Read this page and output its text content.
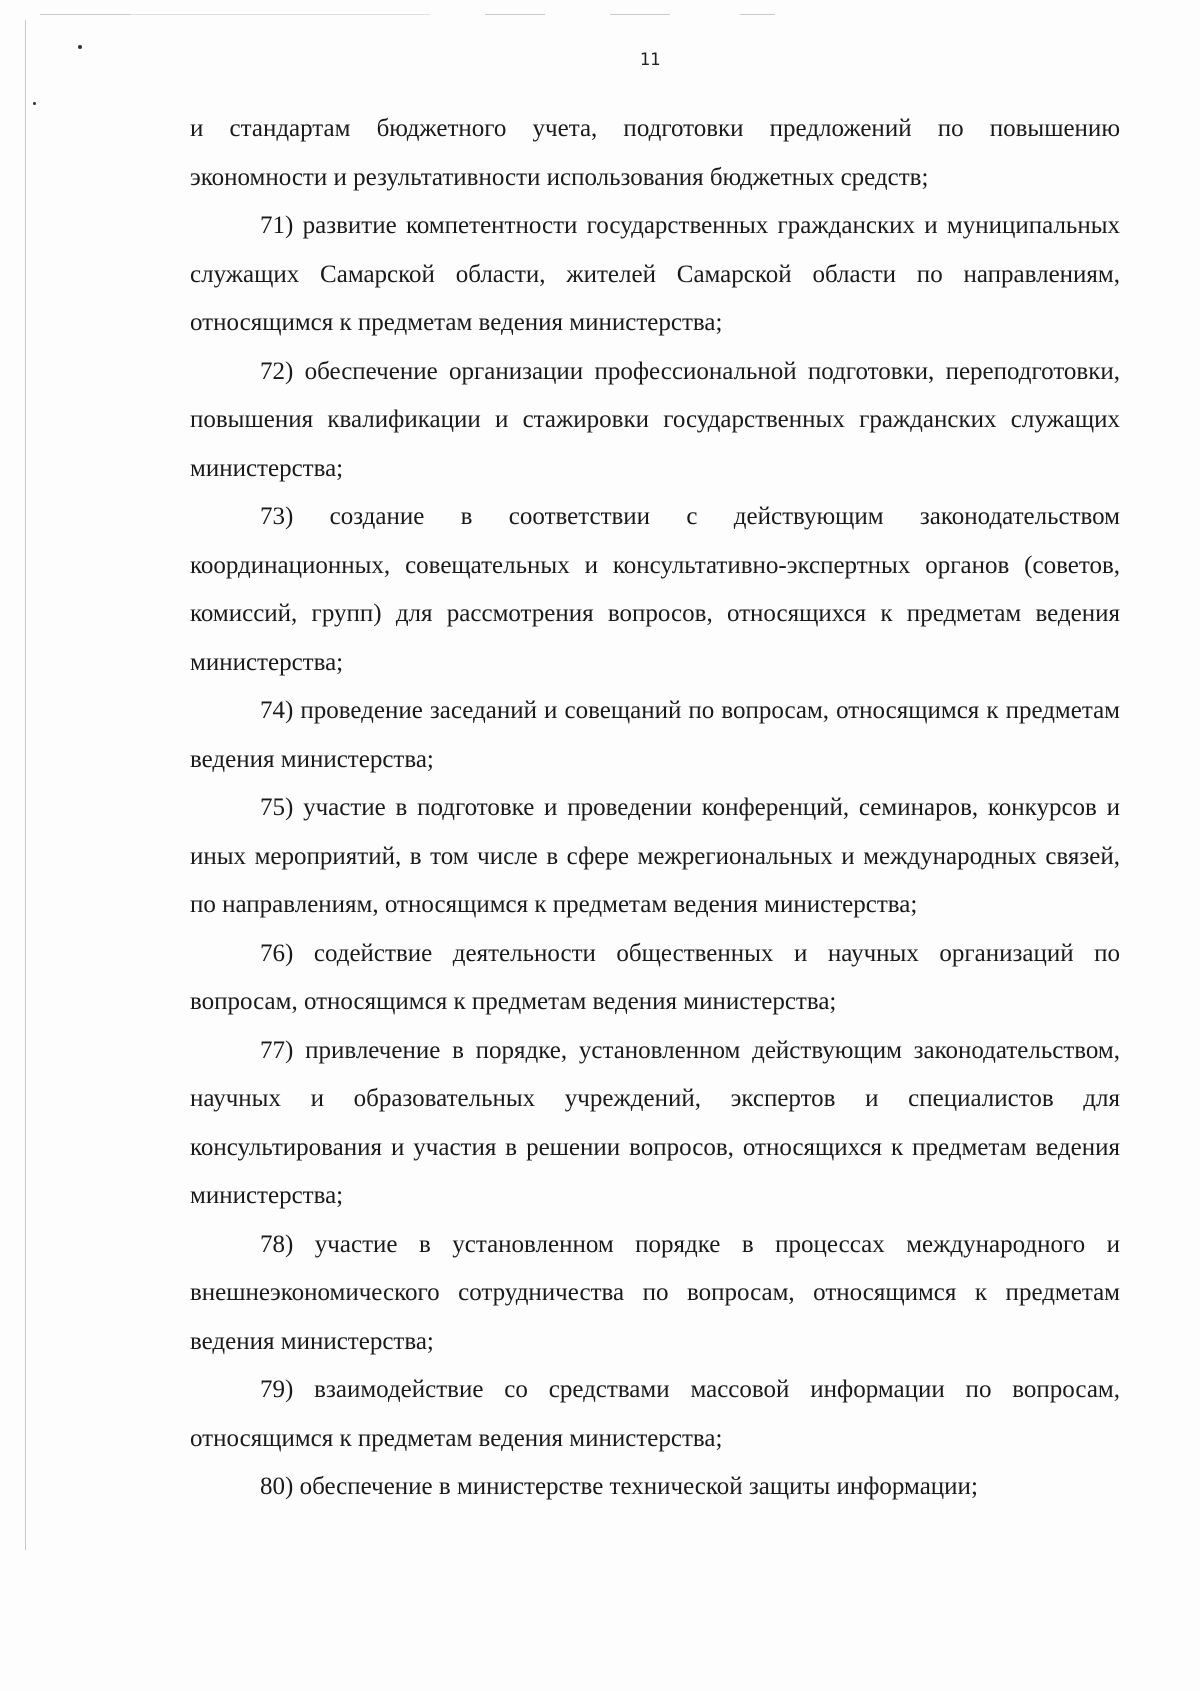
11

и стандартам бюджетного учета, подготовки предложений по повышению экономности и результативности использования бюджетных средств;

71) развитие компетентности государственных гражданских и муниципальных служащих Самарской области, жителей Самарской области по направлениям, относящимся к предметам ведения министерства;

72) обеспечение организации профессиональной подготовки, переподготовки, повышения квалификации и стажировки государственных гражданских служащих министерства;

73) создание в соответствии с действующим законодательством координационных, совещательных и консультативно-экспертных органов (советов, комиссий, групп) для рассмотрения вопросов, относящихся к предметам ведения министерства;

74) проведение заседаний и совещаний по вопросам, относящимся к предметам ведения министерства;

75) участие в подготовке и проведении конференций, семинаров, конкурсов и иных мероприятий, в том числе в сфере межрегиональных и международных связей, по направлениям, относящимся к предметам ведения министерства;

76) содействие деятельности общественных и научных организаций по вопросам, относящимся к предметам ведения министерства;

77) привлечение в порядке, установленном действующим законодательством, научных и образовательных учреждений, экспертов и специалистов для консультирования и участия в решении вопросов, относящихся к предметам ведения министерства;

78) участие в установленном порядке в процессах международного и внешнеэкономического сотрудничества по вопросам, относящимся к предметам ведения министерства;

79) взаимодействие со средствами массовой информации по вопросам, относящимся к предметам ведения министерства;

80) обеспечение в министерстве технической защиты информации;
